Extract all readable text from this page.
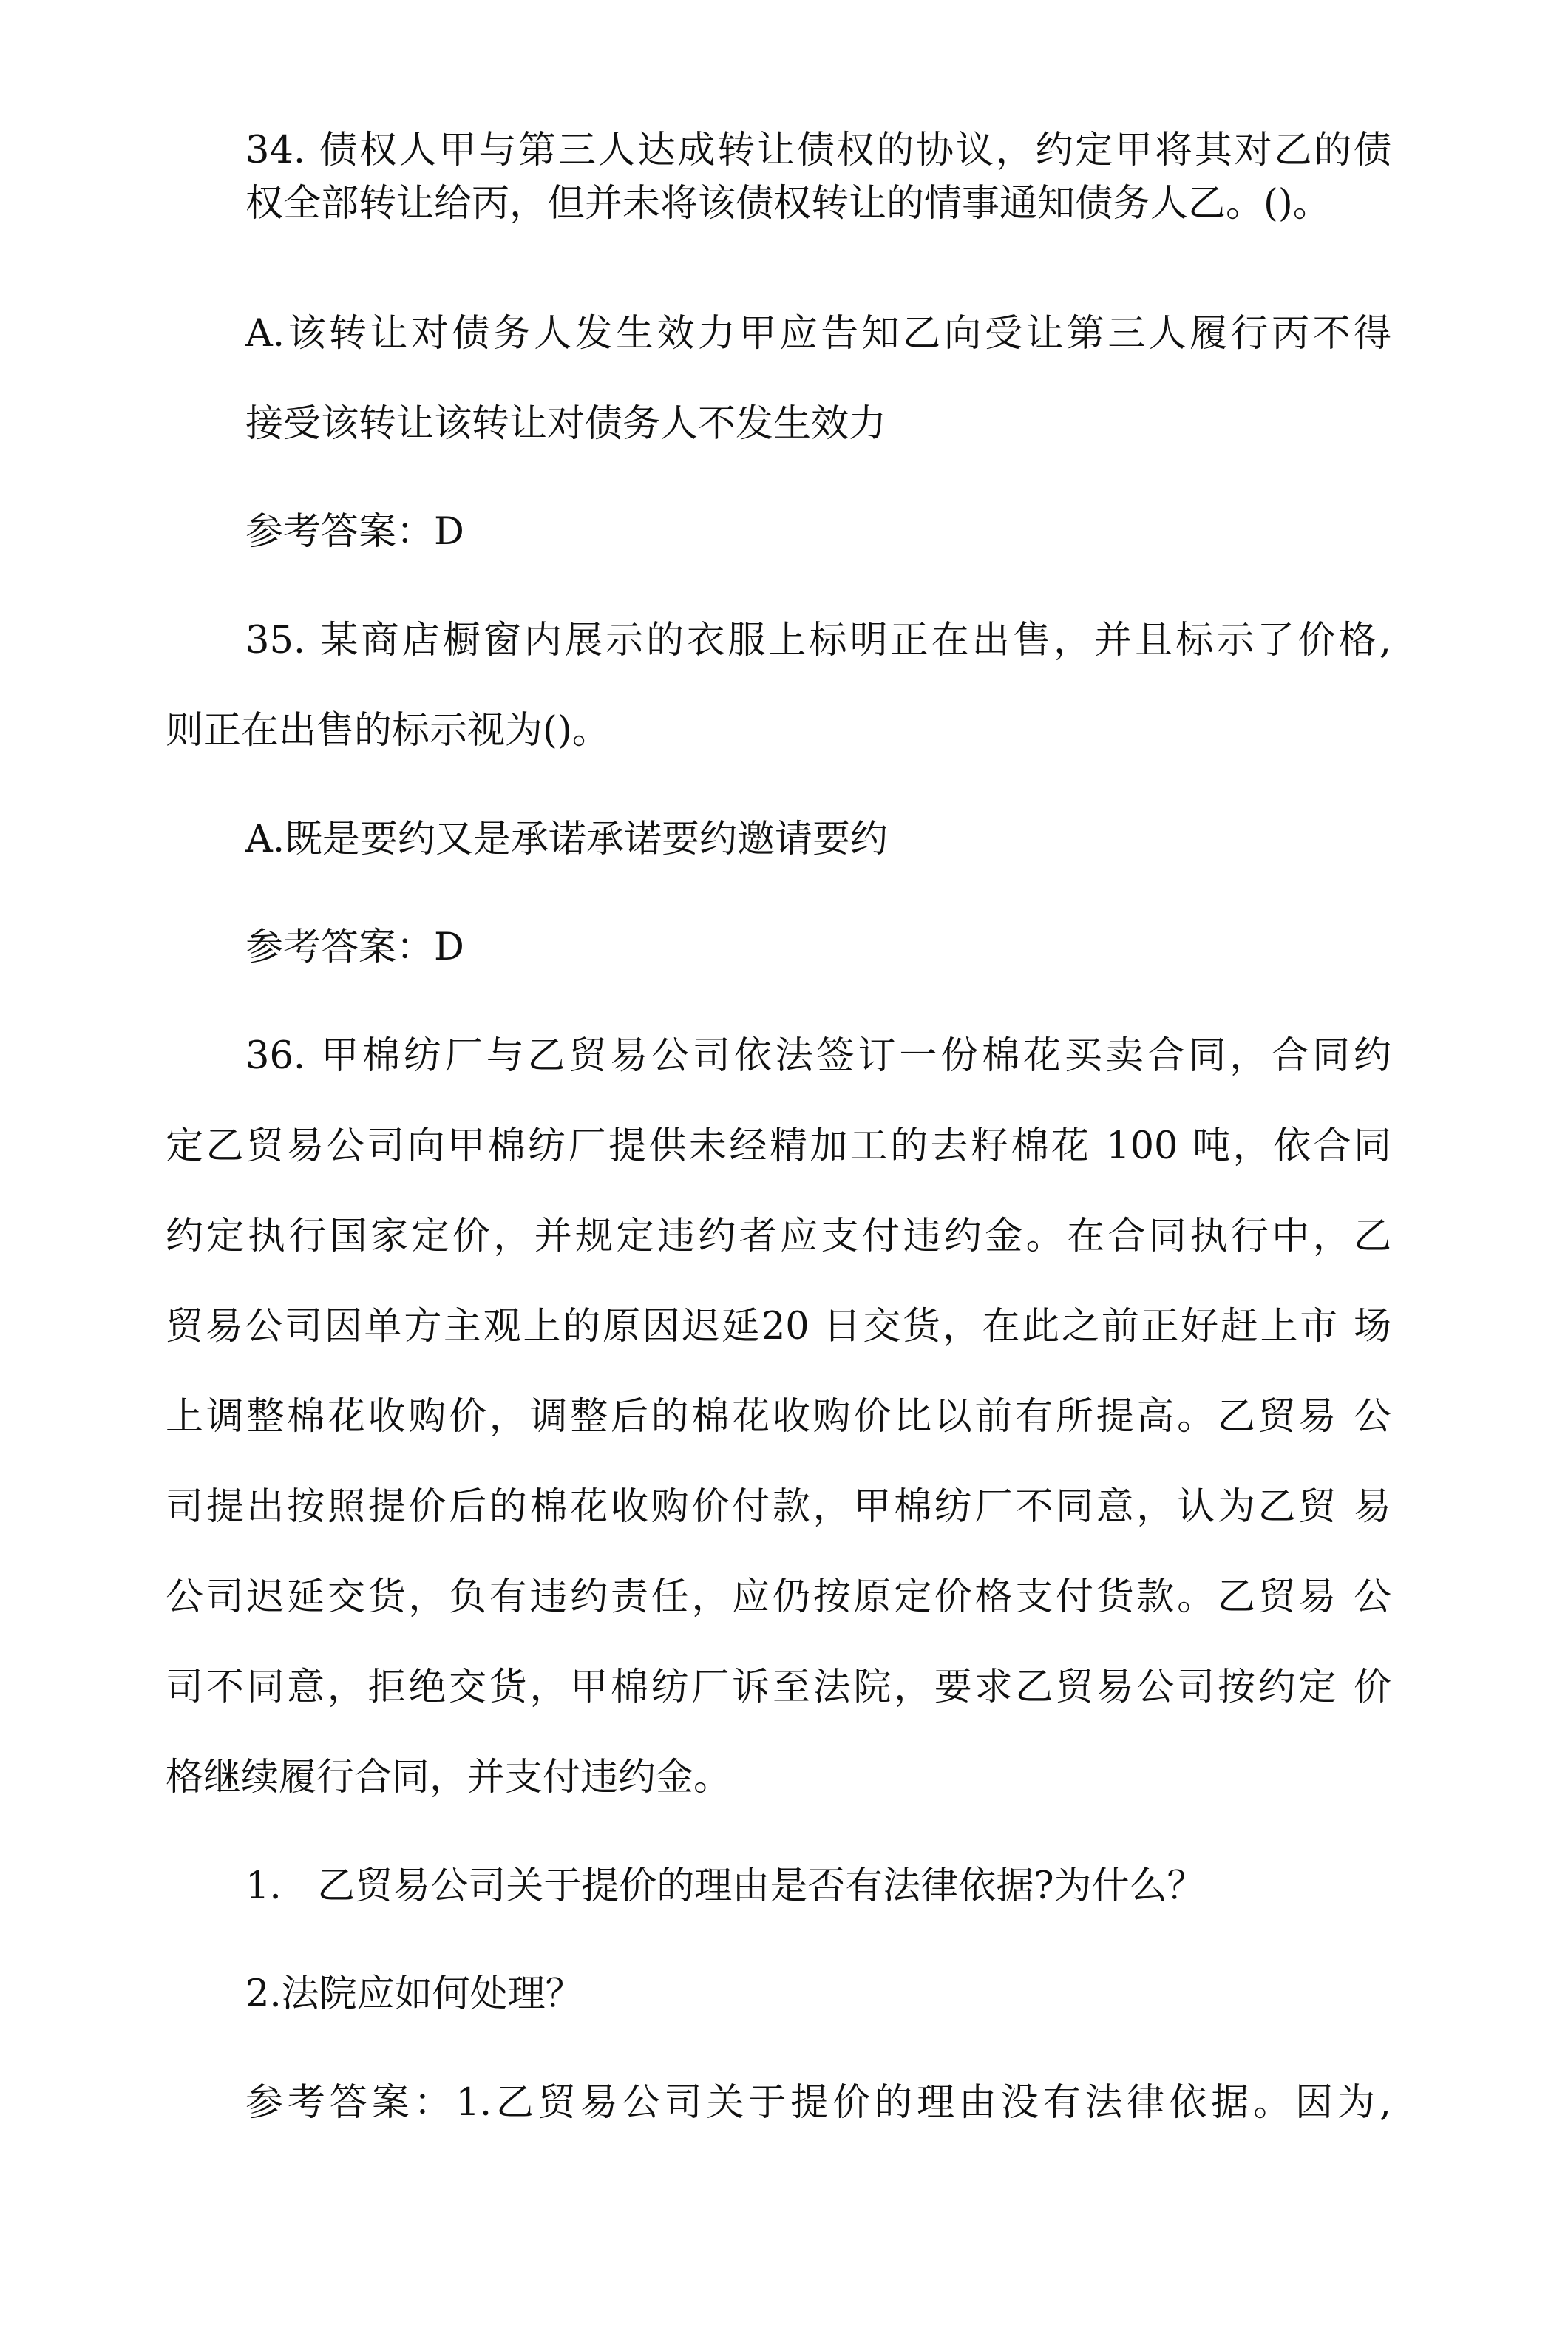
34. 债权人甲与第三人达成转让债权的协议，约定甲将其对乙的债

权全部转让给丙，但并未将该债权转让的情事通知债务人乙。()。

A.该转让对债务人发生效力甲应告知乙向受让第三人履行丙不得

接受该转让该转让对债务人不发生效力

参考答案：D

35. 某商店橱窗内展示的衣服上标明正在出售，并且标示了价格,

则正在出售的标示视为()。

A.既是要约又是承诺承诺要约邀请要约

参考答案：D

36. 甲棉纺厂与乙贸易公司依法签订一份棉花买卖合同，合同约

定乙贸易公司向甲棉纺厂提供未经精加工的去籽棉花 100 吨，依合同

约定执行国家定价，并规定违约者应支付违约金。在合同执行中，乙

贸易公司因单方主观上的原因迟延20 日交货，在此之前正好赶上市 场

上调整棉花收购价，调整后的棉花收购价比以前有所提高。乙贸易 公

司提出按照提价后的棉花收购价付款，甲棉纺厂不同意，认为乙贸 易

公司迟延交货，负有违约责任，应仍按原定价格支付货款。乙贸易 公

司不同意，拒绝交货，甲棉纺厂诉至法院，要求乙贸易公司按约定 价

格继续履行合同，并支付违约金。

1.   乙贸易公司关于提价的理由是否有法律依据?为什么？

2.法院应如何处理？

参考答案：1.乙贸易公司关于提价的理由没有法律依据。因为,
